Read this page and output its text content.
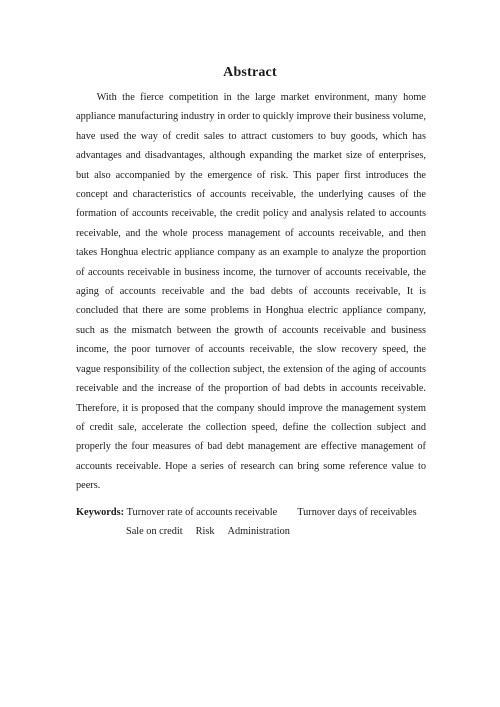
Abstract

With the fierce competition in the large market environment, many home appliance manufacturing industry in order to quickly improve their business volume, have used the way of credit sales to attract customers to buy goods, which has advantages and disadvantages, although expanding the market size of enterprises, but also accompanied by the emergence of risk. This paper first introduces the concept and characteristics of accounts receivable, the underlying causes of the formation of accounts receivable, the credit policy and analysis related to accounts receivable, and the whole process management of accounts receivable, and then takes Honghua electric appliance company as an example to analyze the proportion of accounts receivable in business income, the turnover of accounts receivable, the aging of accounts receivable and the bad debts of accounts receivable, It is concluded that there are some problems in Honghua electric appliance company, such as the mismatch between the growth of accounts receivable and business income, the poor turnover of accounts receivable, the slow recovery speed, the vague responsibility of the collection subject, the extension of the aging of accounts receivable and the increase of the proportion of bad debts in accounts receivable. Therefore, it is proposed that the company should improve the management system of credit sale, accelerate the collection speed, define the collection subject and properly the four measures of bad debt management are effective management of accounts receivable. Hope a series of research can bring some reference value to peers.

Keywords: Turnover rate of accounts receivable Turnover days of receivables
Sale on credit Risk Administration
